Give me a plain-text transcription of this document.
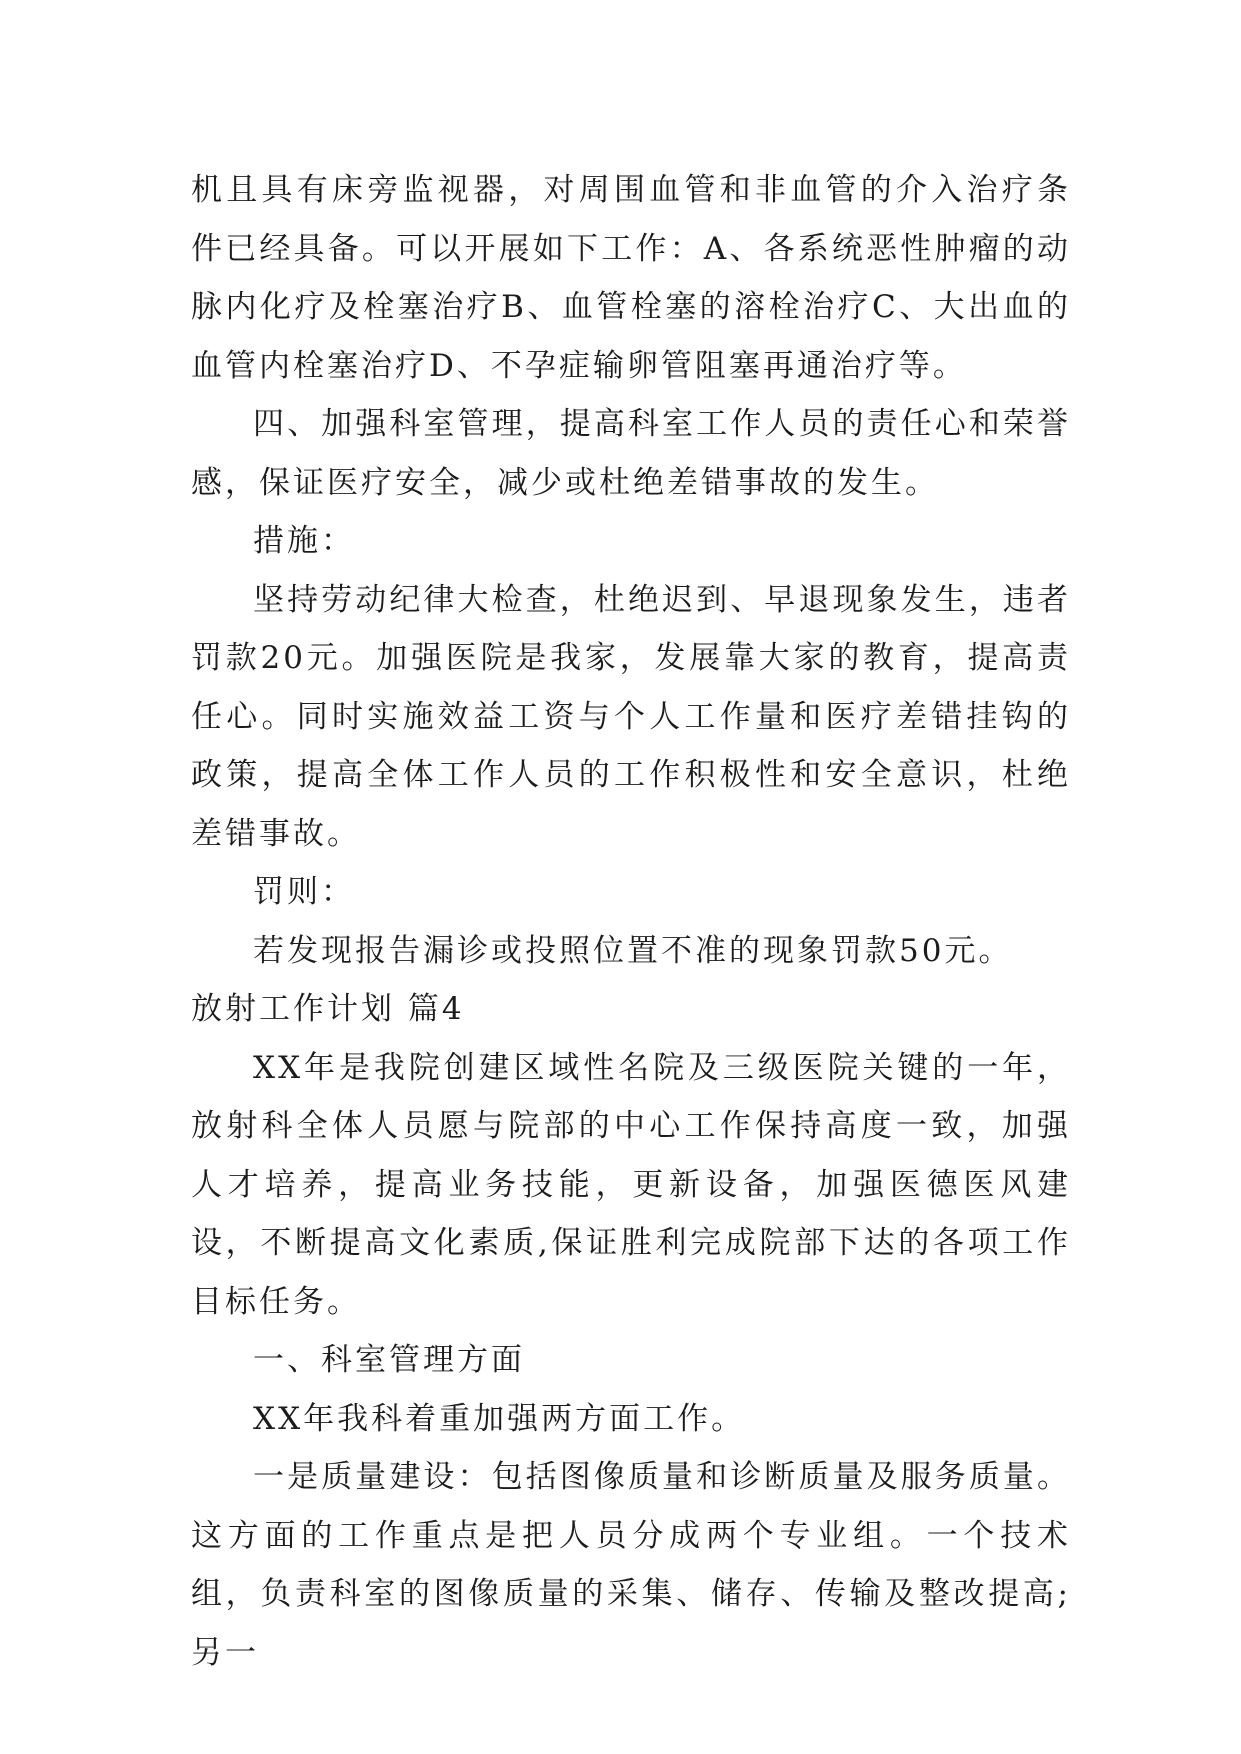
机且具有床旁监视器，对周围血管和非血管的介入治疗条件已经具备。可以开展如下工作：A、各系统恶性肿瘤的动脉内化疗及栓塞治疗B、血管栓塞的溶栓治疗C、大出血的血管内栓塞治疗D、不孕症输卵管阻塞再通治疗等。

四、加强科室管理，提高科室工作人员的责任心和荣誉感，保证医疗安全，减少或杜绝差错事故的发生。

措施：

坚持劳动纪律大检查，杜绝迟到、早退现象发生，违者罚款20元。加强医院是我家，发展靠大家的教育，提高责任心。同时实施效益工资与个人工作量和医疗差错挂钩的政策，提高全体工作人员的工作积极性和安全意识，杜绝差错事故。

罚则：

若发现报告漏诊或投照位置不准的现象罚款50元。

放射工作计划 篇4

XX年是我院创建区域性名院及三级医院关键的一年，放射科全体人员愿与院部的中心工作保持高度一致，加强人才培养，提高业务技能，更新设备，加强医德医风建设，不断提高文化素质,保证胜利完成院部下达的各项工作目标任务。

一、科室管理方面

XX年我科着重加强两方面工作。

一是质量建设：包括图像质量和诊断质量及服务质量。这方面的工作重点是把人员分成两个专业组。一个技术组，负责科室的图像质量的采集、储存、传输及整改提高;另一
